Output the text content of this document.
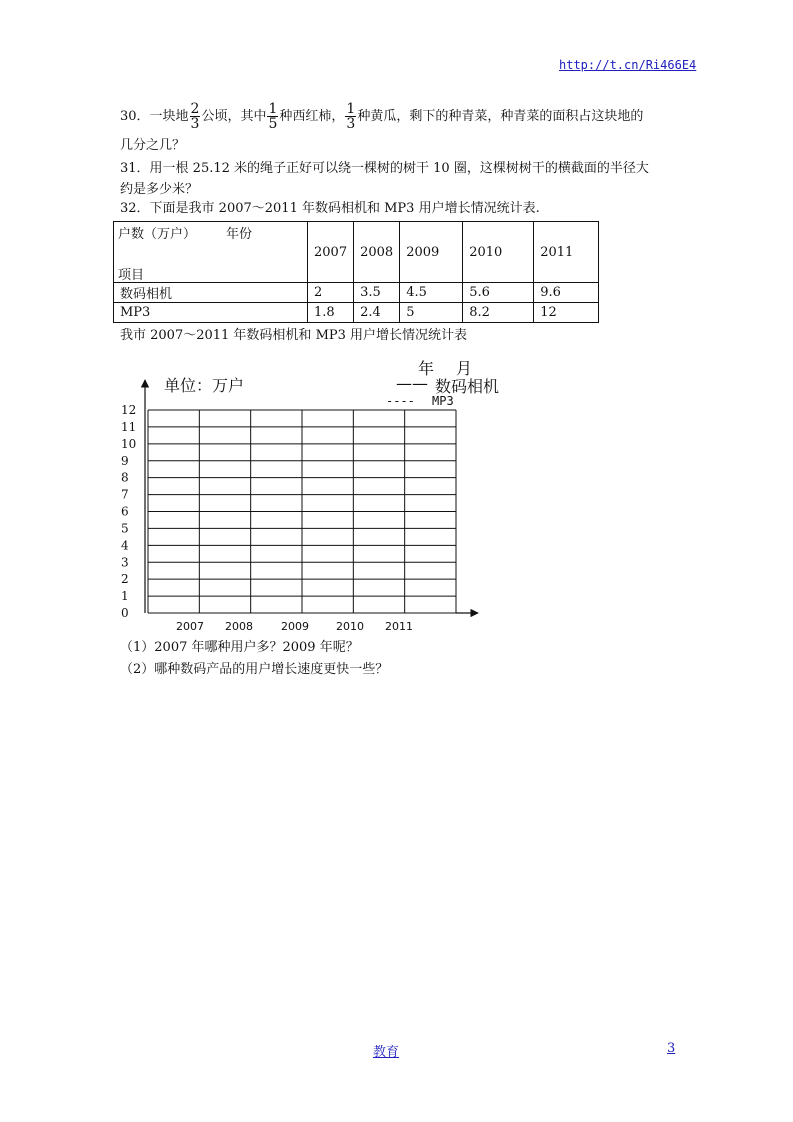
http://t.cn/Ri466E4
30．一块地 $\frac{2}{3}$ 公顷，其中 $\frac{1}{5}$ 种西红柿， $\frac{1}{3}$ 种黄瓜，剩下的种青菜，种青菜的面积占这块地的
几分之几？
31．用一根 25.12 米的绳子正好可以绕一棵树的树干 10 圈，这棵树树干的横截面的半径大
约是多少米？
32．下面是我市 2007～2011 年数码相机和 MP3 用户增长情况统计表.
户数（万户） 年份
项目	2007	2008	2009	2010	2011
数码相机	2	3.5	4.5	5.6	9.6
MP3	1.8	2.4	5	8.2	12
我市 2007～2011 年数码相机和 MP3 用户增长情况统计表
0
1
2
3
4
5
6
7
8
9
10
11
12
2007 2008	2009 2010 2011
年 月
单位：万户	—— 数码相机
---- MP3
（1）2007 年哪种用户多？2009 年呢？
（2）哪种数码产品的用户增长速度更快一些？
教育	3
